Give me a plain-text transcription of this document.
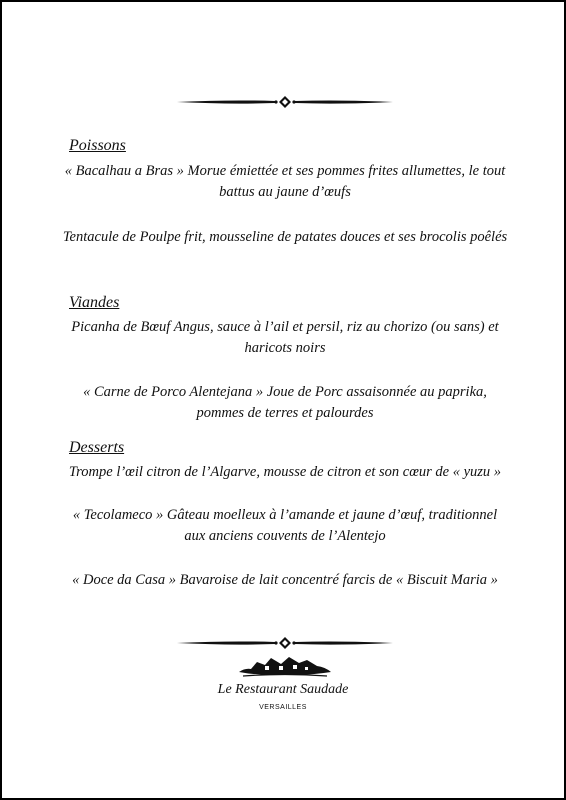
Poissons

« Bacalhau a Bras » Morue émiettée et ses pommes frites allumettes, le tout battus au jaune d’œufs

Tentacule de Poulpe frit, mousseline de patates douces et ses brocolis poêlés

Viandes

Picanha de Bœuf Angus, sauce à l’ail et persil, riz au chorizo (ou sans) et haricots noirs

« Carne de Porco Alentejana » Joue de Porc assaisonnée au paprika, pommes de terres et palourdes

Desserts

Trompe l’œil citron de l’Algarve, mousse de citron et son cœur de « yuzu »

« Tecolameco » Gâteau moelleux à l’amande et jaune d’œuf, traditionnel aux anciens couvents de l’Alentejo

« Doce da Casa » Bavaroise de lait concentré farcis de « Biscuit Maria »

Le Restaurant Saudade
VERSAILLES
